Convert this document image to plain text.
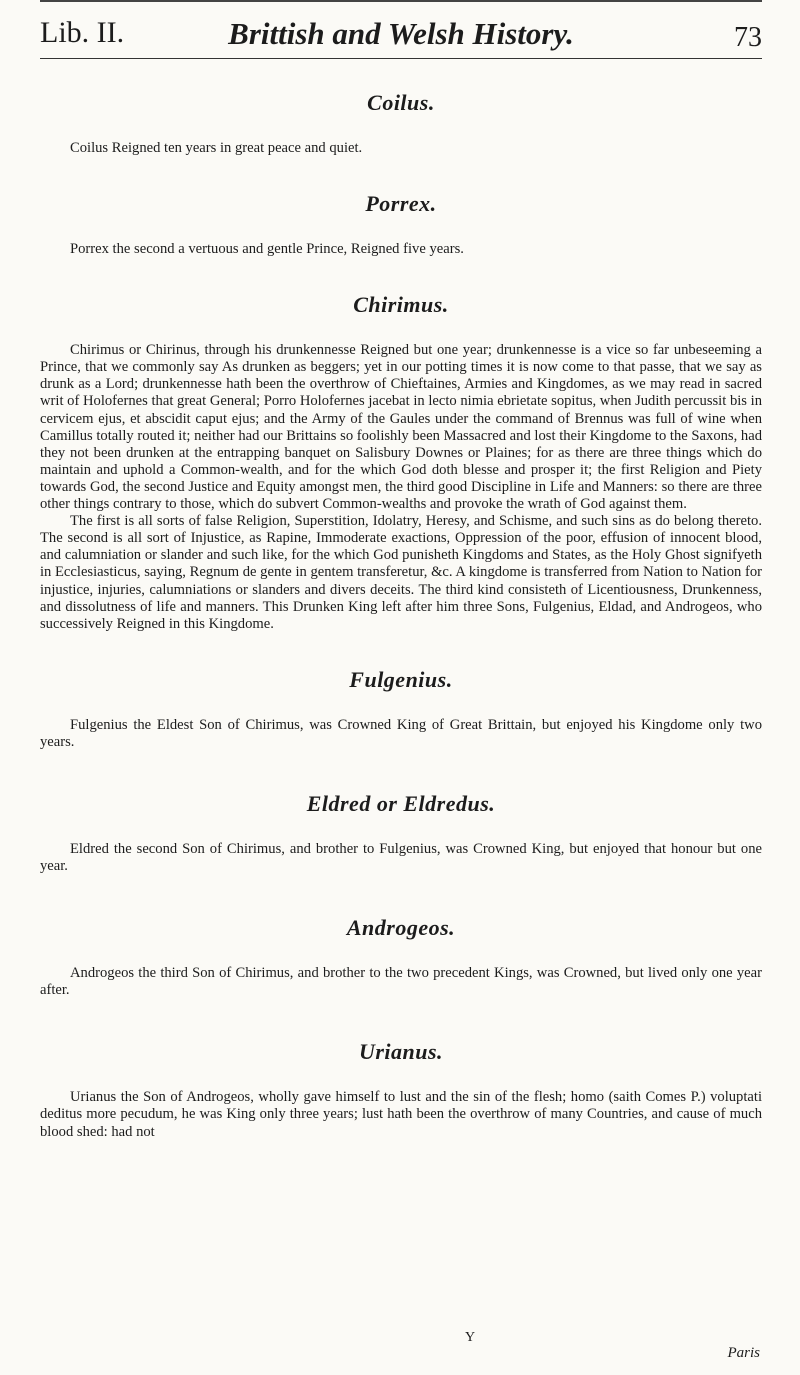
Lib. II.	Brittish and Welsh History.	73
Coilus.

Coilus Reigned ten years in great peace and quiet.

Porrex.

Porrex the second a vertuous and gentle Prince, Reigned five years.

Chirimus.

Chirimus or Chirinus, through his drunkennesse Reigned but one year; drunkennesse is a vice so far unbeseeming a Prince, that we commonly say As drunken as beggers; yet in our potting times it is now come to that passe, that we say as drunk as a Lord; drunkennesse hath been the overthrow of Chieftaines, Armies and Kingdomes, as we may read in sacred writ of Holofernes that great General; Porro Holofernes jacebat in lecto nimia ebrietate sopitus, when Judith percussit bis in cervicem ejus, et abscidit caput ejus; and the Army of the Gaules under the command of Brennus was full of wine when Camillus totally routed it; neither had our Brittains so foolishly been Massacred and lost their Kingdome to the Saxons, had they not been drunken at the entrapping banquet on Salisbury Downes or Plaines; for as there are three things which do maintain and uphold a Common-wealth, and for the which God doth blesse and prosper it; the first Religion and Piety towards God, the second Justice and Equity amongst men, the third good Discipline in Life and Manners: so there are three other things contrary to those, which do subvert Common-wealths and provoke the wrath of God against them.

The first is all sorts of false Religion, Superstition, Idolatry, Heresy, and Schisme, and such sins as do belong thereto. The second is all sort of Injustice, as Rapine, Immoderate exactions, Oppression of the poor, effusion of innocent blood, and calumniation or slander and such like, for the which God punisheth Kingdoms and States, as the Holy Ghost signifyeth in Ecclesiasticus, saying, Regnum de gente in gentem transferetur, &c. A kingdome is transferred from Nation to Nation for injustice, injuries, calumniations or slanders and divers deceits. The third kind consisteth of Licentiousness, Drunkenness, and dissolutness of life and manners. This Drunken King left after him three Sons, Fulgenius, Eldad, and Androgeos, who successively Reigned in this Kingdome.

Fulgenius.

Fulgenius the Eldest Son of Chirimus, was Crowned King of Great Brittain, but enjoyed his Kingdome only two years.

Eldred or Eldredus.

Eldred the second Son of Chirimus, and brother to Fulgenius, was Crowned King, but enjoyed that honour but one year.

Androgeos.

Androgeos the third Son of Chirimus, and brother to the two precedent Kings, was Crowned, but lived only one year after.

Urianus.

Urianus the Son of Androgeos, wholly gave himself to lust and the sin of the flesh; homo (saith Comes P.) voluptati deditus more pecudum, he was King only three years; lust hath been the overthrow of many Countries, and cause of much blood shed: had not

Y
Paris
